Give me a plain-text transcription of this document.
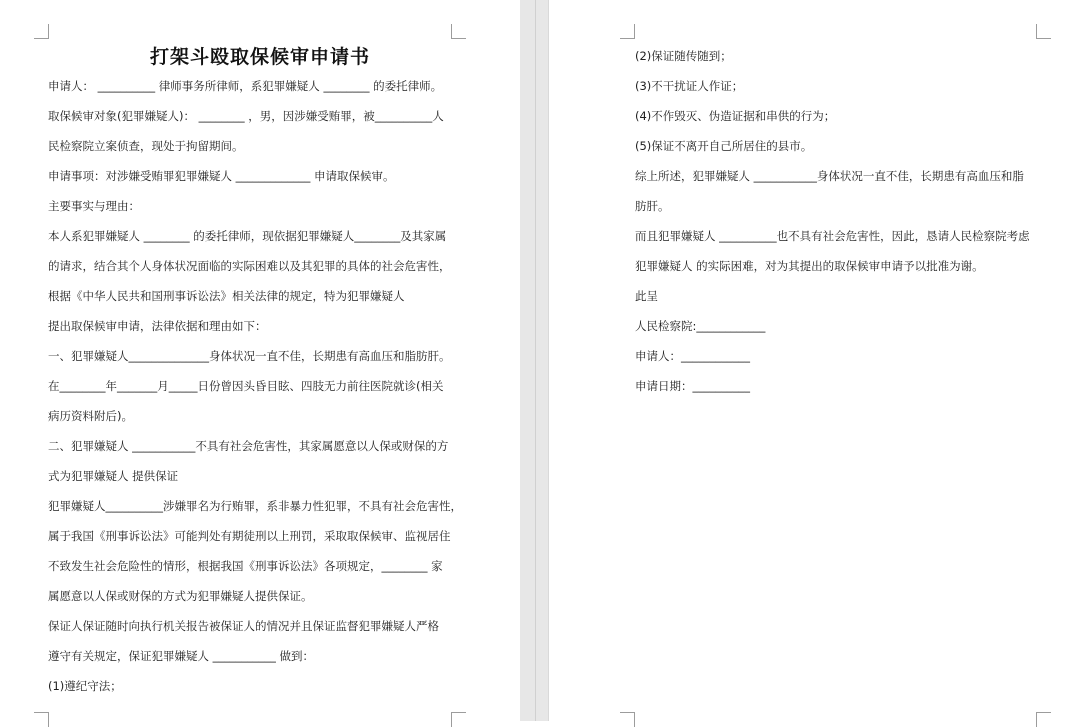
打架斗殴取保候审申请书
申请人： __________ 律师事务所律师，系犯罪嫌疑人 ________ 的委托律师。
取保候审对象(犯罪嫌疑人)： ________ ，男，因涉嫌受贿罪，被__________人
民检察院立案侦查，现处于拘留期间。
申请事项：对涉嫌受贿罪犯罪嫌疑人 _____________ 申请取保候审。
主要事实与理由：
本人系犯罪嫌疑人 ________ 的委托律师，现依据犯罪嫌疑人________及其家属
的请求，结合其个人身体状况面临的实际困难以及其犯罪的具体的社会危害性，
根据《中华人民共和国刑事诉讼法》相关法律的规定，特为犯罪嫌疑人
提出取保候审申请，法律依据和理由如下：
一、犯罪嫌疑人______________身体状况一直不佳，长期患有高血压和脂肪肝。
在________年_______月_____日份曾因头昏目眩、四肢无力前往医院就诊(相关
病历资料附后)。
二、犯罪嫌疑人 ___________不具有社会危害性，其家属愿意以人保或财保的方
式为犯罪嫌疑人 提供保证
犯罪嫌疑人__________涉嫌罪名为行贿罪，系非暴力性犯罪，不具有社会危害性，
属于我国《刑事诉讼法》可能判处有期徒刑以上刑罚，采取取保候审、监视居住
不致发生社会危险性的情形，根据我国《刑事诉讼法》各项规定，________ 家
属愿意以人保或财保的方式为犯罪嫌疑人提供保证。
保证人保证随时向执行机关报告被保证人的情况并且保证监督犯罪嫌疑人严格
遵守有关规定，保证犯罪嫌疑人 ___________ 做到：
(1)遵纪守法；
(2)保证随传随到；
(3)不干扰证人作证；
(4)不作毁灭、伪造证据和串供的行为；
(5)保证不离开自己所居住的县市。
综上所述，犯罪嫌疑人 ___________身体状况一直不佳，长期患有高血压和脂
肪肝。
而且犯罪嫌疑人 __________也不具有社会危害性，因此，恳请人民检察院考虑
犯罪嫌疑人 的实际困难，对为其提出的取保候审申请予以批准为谢。
此呈
人民检察院:____________
申请人：____________
申请日期：__________
